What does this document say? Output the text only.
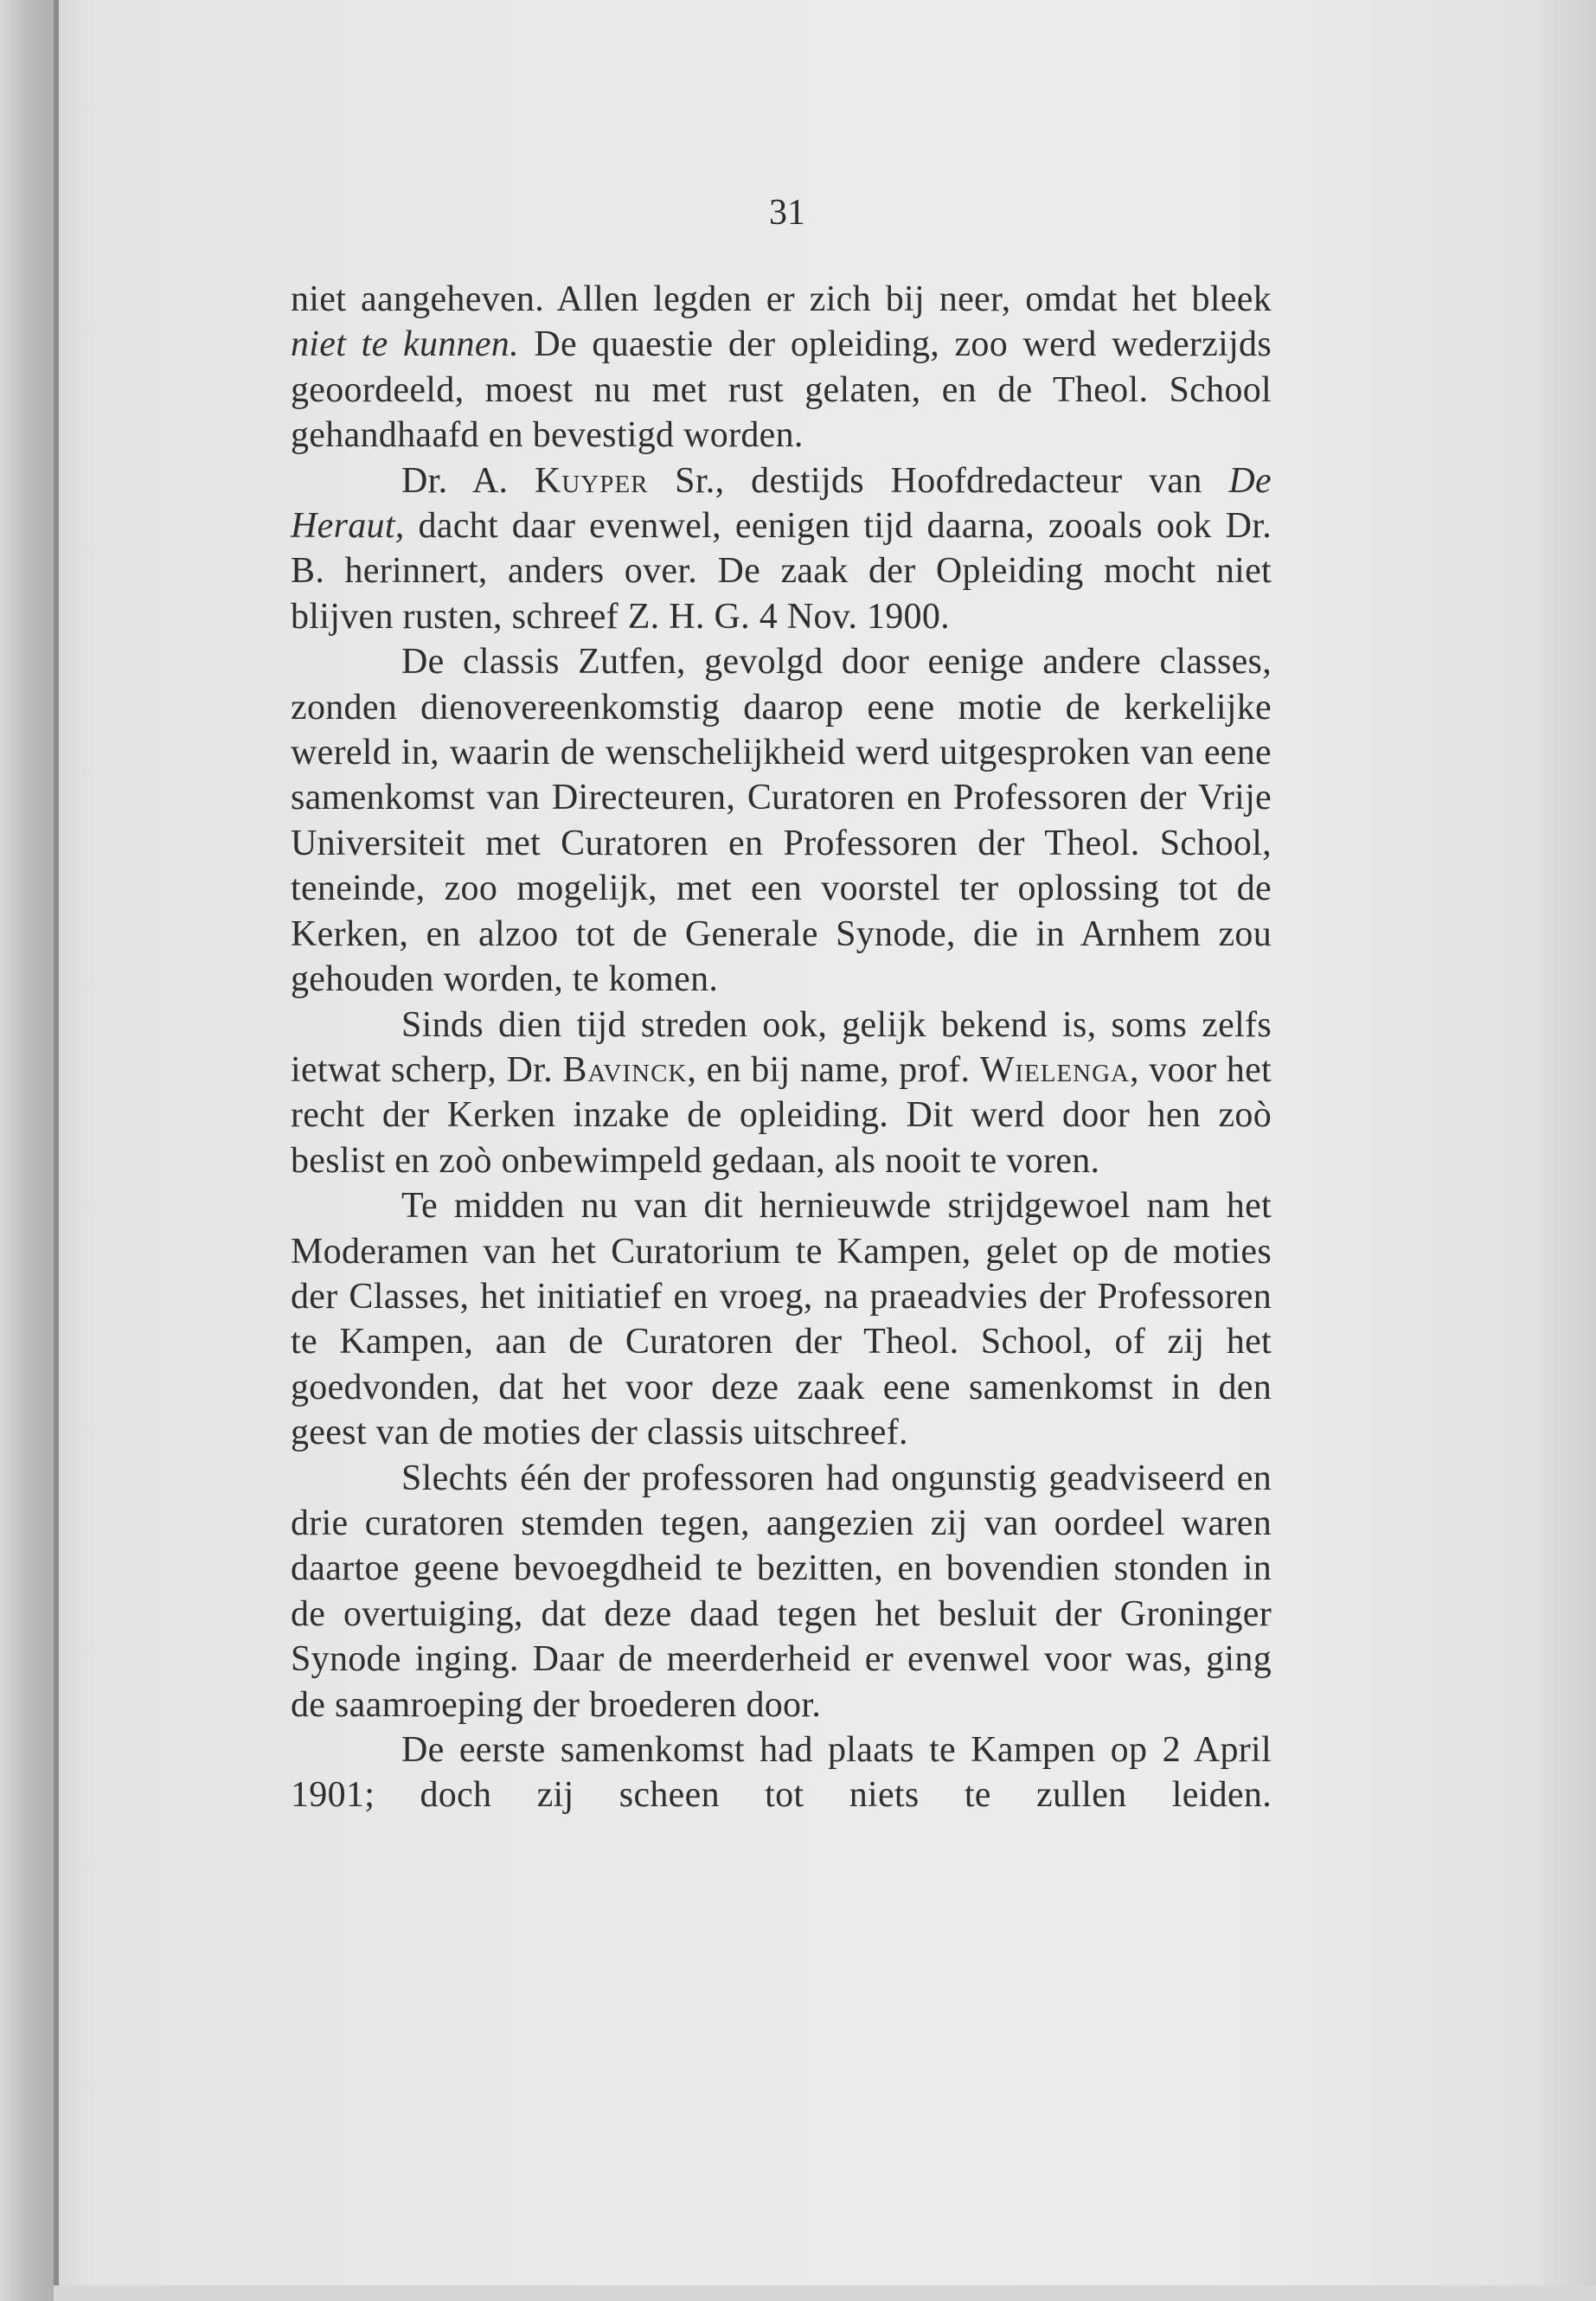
31

niet aangeheven. Allen legden er zich bij neer, omdat het bleek niet te kunnen. De quaestie der opleiding, zoo werd wederzijds geoordeeld, moest nu met rust gelaten, en de Theol. School gehandhaafd en bevestigd worden.

Dr. A. Kuyper Sr., destijds Hoofdredacteur van De Heraut, dacht daar evenwel, eenigen tijd daarna, zooals ook Dr. B. herinnert, anders over. De zaak der Opleiding mocht niet blijven rusten, schreef Z. H. G. 4 Nov. 1900.

De classis Zutfen, gevolgd door eenige andere classes, zonden dienovereenkomstig daarop eene motie de kerkelijke wereld in, waarin de wenschelijkheid werd uitgesproken van eene samenkomst van Directeuren, Curatoren en Professoren der Vrije Universiteit met Curatoren en Professoren der Theol. School, teneinde, zoo mogelijk, met een voorstel ter oplossing tot de Kerken, en alzoo tot de Generale Synode, die in Arnhem zou gehouden worden, te komen.

Sinds dien tijd streden ook, gelijk bekend is, soms zelfs ietwat scherp, Dr. Bavinck, en bij name, prof. Wielenga, voor het recht der Kerken inzake de opleiding. Dit werd door hen zoò beslist en zoò onbewimpeld gedaan, als nooit te voren.

Te midden nu van dit hernieuwde strijdgewoel nam het Moderamen van het Curatorium te Kampen, gelet op de moties der Classes, het initiatief en vroeg, na praeadvies der Professoren te Kampen, aan de Curatoren der Theol. School, of zij het goedvonden, dat het voor deze zaak eene samenkomst in den geest van de moties der classis uitschreef.

Slechts één der professoren had ongunstig geadviseerd en drie curatoren stemden tegen, aangezien zij van oordeel waren daartoe geene bevoegdheid te bezitten, en bovendien stonden in de overtuiging, dat deze daad tegen het besluit der Groninger Synode inging. Daar de meerderheid er evenwel voor was, ging de saamroeping der broederen door.

De eerste samenkomst had plaats te Kampen op 2 April 1901; doch zij scheen tot niets te zullen leiden.
